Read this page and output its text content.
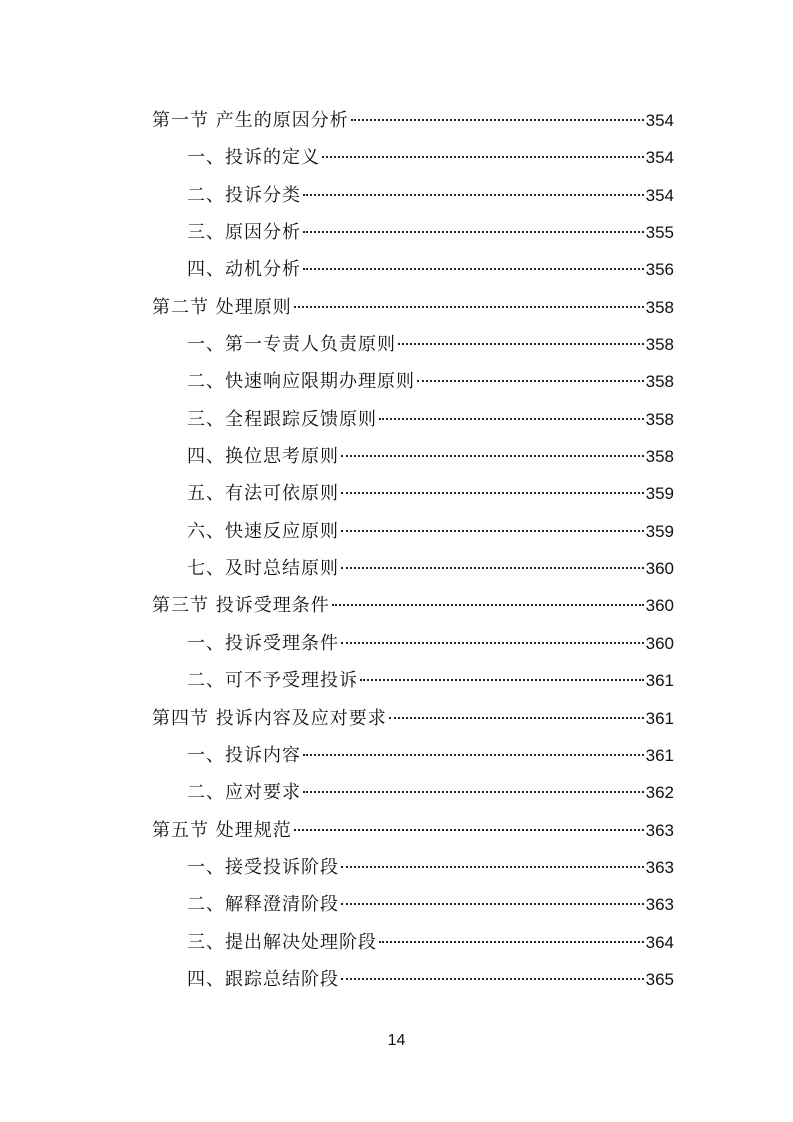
第一节 产生的原因分析	354
一、投诉的定义	354
二、投诉分类	354
三、原因分析	355
四、动机分析	356
第二节 处理原则	358
一、第一专责人负责原则	358
二、快速响应限期办理原则	358
三、全程跟踪反馈原则	358
四、换位思考原则	358
五、有法可依原则	359
六、快速反应原则	359
七、及时总结原则	360
第三节 投诉受理条件	360
一、投诉受理条件	360
二、可不予受理投诉	361
第四节 投诉内容及应对要求	361
一、投诉内容	361
二、应对要求	362
第五节 处理规范	363
一、接受投诉阶段	363
二、解释澄清阶段	363
三、提出解决处理阶段	364
四、跟踪总结阶段	365
14
